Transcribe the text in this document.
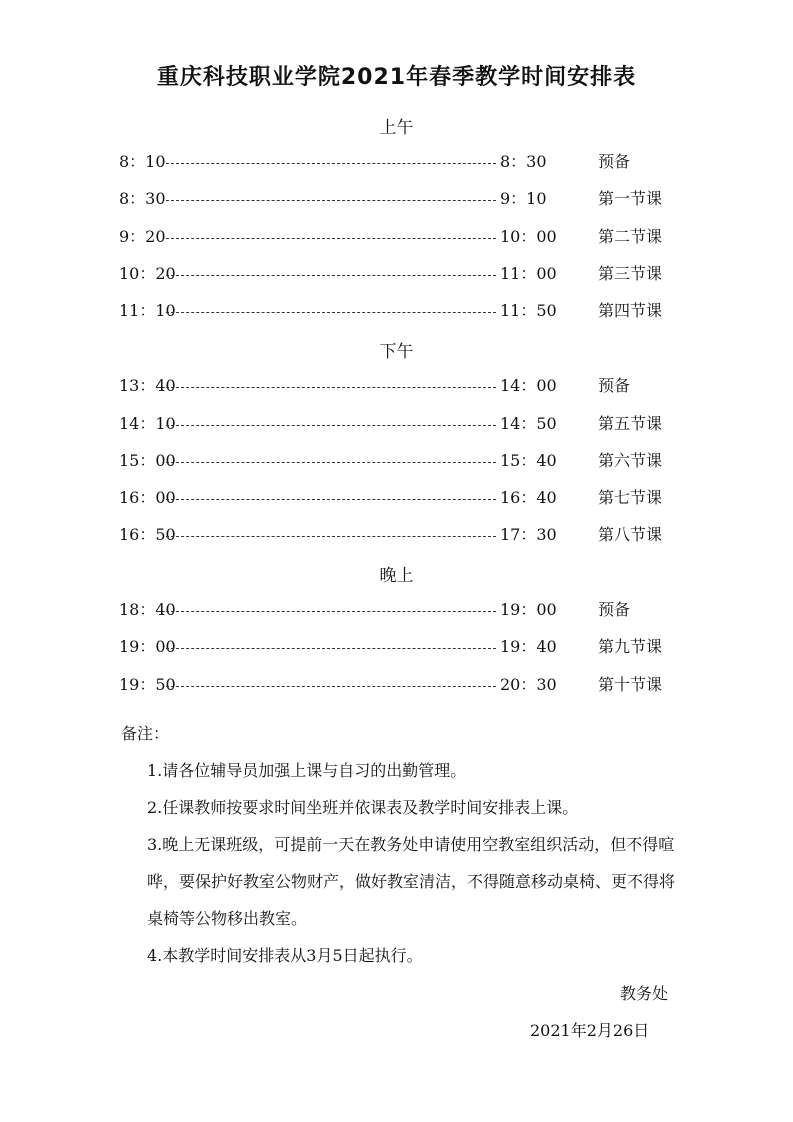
重庆科技职业学院2021年春季教学时间安排表
上午
8：10	8：30	预备
8：30	9：10	第一节课
9：20	10：00	第二节课
10：20	11：00	第三节课
11：10	11：50	第四节课
下午
13：40	14：00	预备
14：10	14：50	第五节课
15：00	15：40	第六节课
16：00	16：40	第七节课
16：50	17：30	第八节课
晚上
18：40	19：00	预备
19：00	19：40	第九节课
19：50	20：30	第十节课
备注：
1.请各位辅导员加强上课与自习的出勤管理。
2.任课教师按要求时间坐班并依课表及教学时间安排表上课。
3.晚上无课班级，可提前一天在教务处申请使用空教室组织活动，但不得喧哗，要保护好教室公物财产，做好教室清洁，不得随意移动桌椅、更不得将桌椅等公物移出教室。
4.本教学时间安排表从3月5日起执行。
教务处
2021年2月26日
